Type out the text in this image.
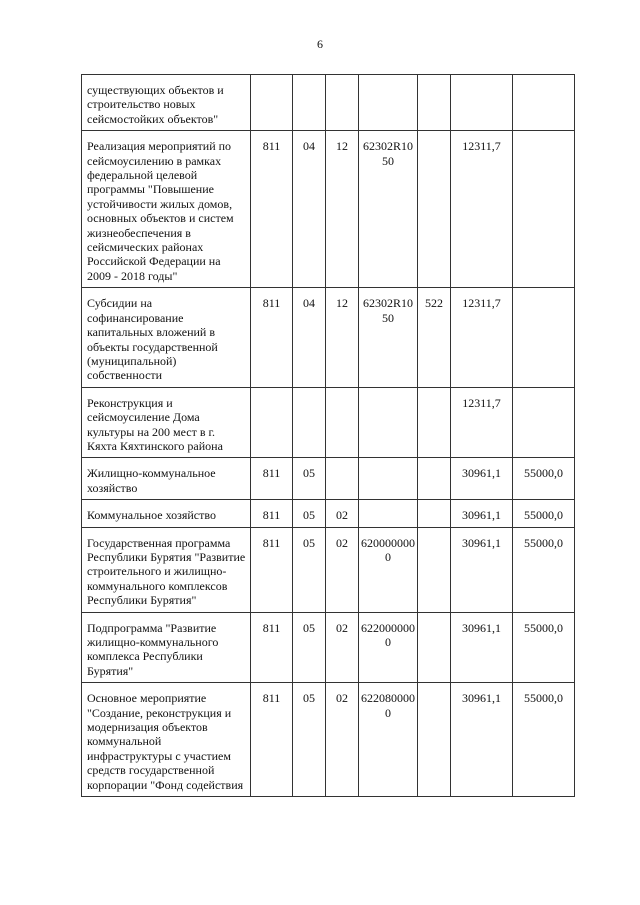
6
существующих объектов и строительство новых сейсмостойких объектов"							
Реализация мероприятий по сейсмоусилению в рамках федеральной целевой программы "Повышение устойчивости жилых домов, основных объектов и систем жизнеобеспечения в сейсмических районах Российской Федерации на 2009 - 2018 годы"	811	04	12	62302R1050		12311,7	
Субсидии на софинансирование капитальных вложений в объекты государственной (муниципальной) собственности	811	04	12	62302R1050	522	12311,7	
Реконструкция и сейсмоусиление Дома культуры на 200 мест в г. Кяхта Кяхтинского района						12311,7	
Жилищно-коммунальное хозяйство	811	05				30961,1	55000,0
Коммунальное хозяйство	811	05	02			30961,1	55000,0
Государственная программа Республики Бурятия "Развитие строительного и жилищно-коммунального комплексов Республики Бурятия"	811	05	02	6200000000		30961,1	55000,0
Подпрограмма "Развитие жилищно-коммунального комплекса Республики Бурятия"	811	05	02	6220000000		30961,1	55000,0
Основное мероприятие "Создание, реконструкция и модернизация объектов коммунальной инфраструктуры с участием средств государственной корпорации "Фонд содействия	811	05	02	6220800000		30961,1	55000,0
